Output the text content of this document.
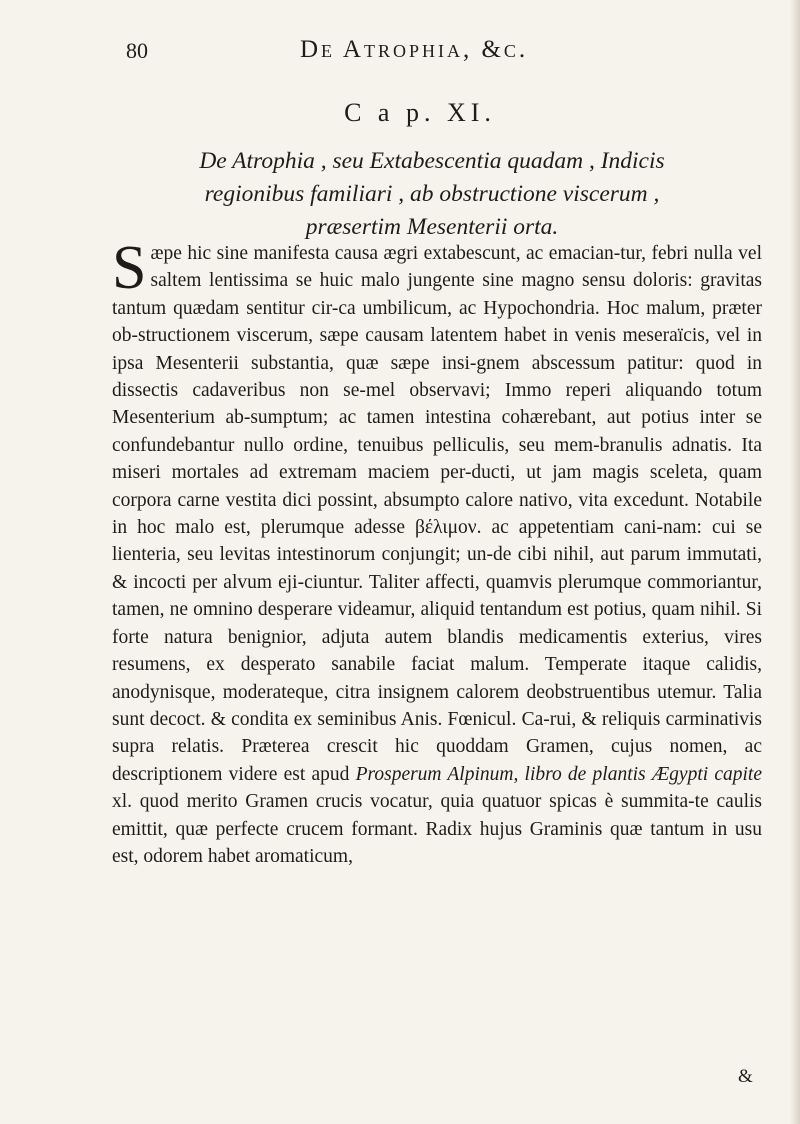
80	De Atrophia, &c.
C a p. XI.
De Atrophia , seu Extabescentia quadam , Indicis
regionibus familiari , ab obstructione viscerum ,
præsertim Mesenterii orta.

Sæpe hic sine manifesta causa ægri extabescunt, ac emacian-tur, febri nulla vel saltem lentissima se huic malo jungente sine magno sensu doloris: gravitas tantum quædam sentitur cir-ca umbilicum, ac Hypochondria. Hoc malum, præter ob-structionem viscerum, sæpe causam latentem habet in venis meseraïcis, vel in ipsa Mesenterii substantia, quæ sæpe insi-gnem abscessum patitur: quod in dissectis cadaveribus non se-mel observavi; Immo reperi aliquando totum Mesenterium ab-sumptum; ac tamen intestina cohærebant, aut potius inter se confundebantur nullo ordine, tenuibus pelliculis, seu mem-branulis adnatis. Ita miseri mortales ad extremam maciem per-ducti, ut jam magis sceleta, quam corpora carne vestita dici possint, absumpto calore nativo, vita excedunt. Notabile in hoc malo est, plerumque adesse βέλιμον. ac appetentiam cani-nam: cui se lienteria, seu levitas intestinorum conjungit; un-de cibi nihil, aut parum immutati, & incocti per alvum eji-ciuntur. Taliter affecti, quamvis plerumque commoriantur, tamen, ne omnino desperare videamur, aliquid tentandum est potius, quam nihil. Si forte natura benignior, adjuta autem blandis medicamentis exterius, vires resumens, ex desperato sanabile faciat malum. Temperate itaque calidis, anodynisque, moderateque, citra insignem calorem deobstruentibus utemur. Talia sunt decoct. & condita ex seminibus Anis. Fœnicul. Ca-rui, & reliquis carminativis supra relatis. Præterea crescit hic quoddam Gramen, cujus nomen, ac descriptionem videre est apud Prosperum Alpinum, libro de plantis Ægypti capite xl. quod merito Gramen crucis vocatur, quia quatuor spicas è summita-te caulis emittit, quæ perfecte crucem formant. Radix hujus Graminis quæ tantum in usu est, odorem habet aromaticum,

&
